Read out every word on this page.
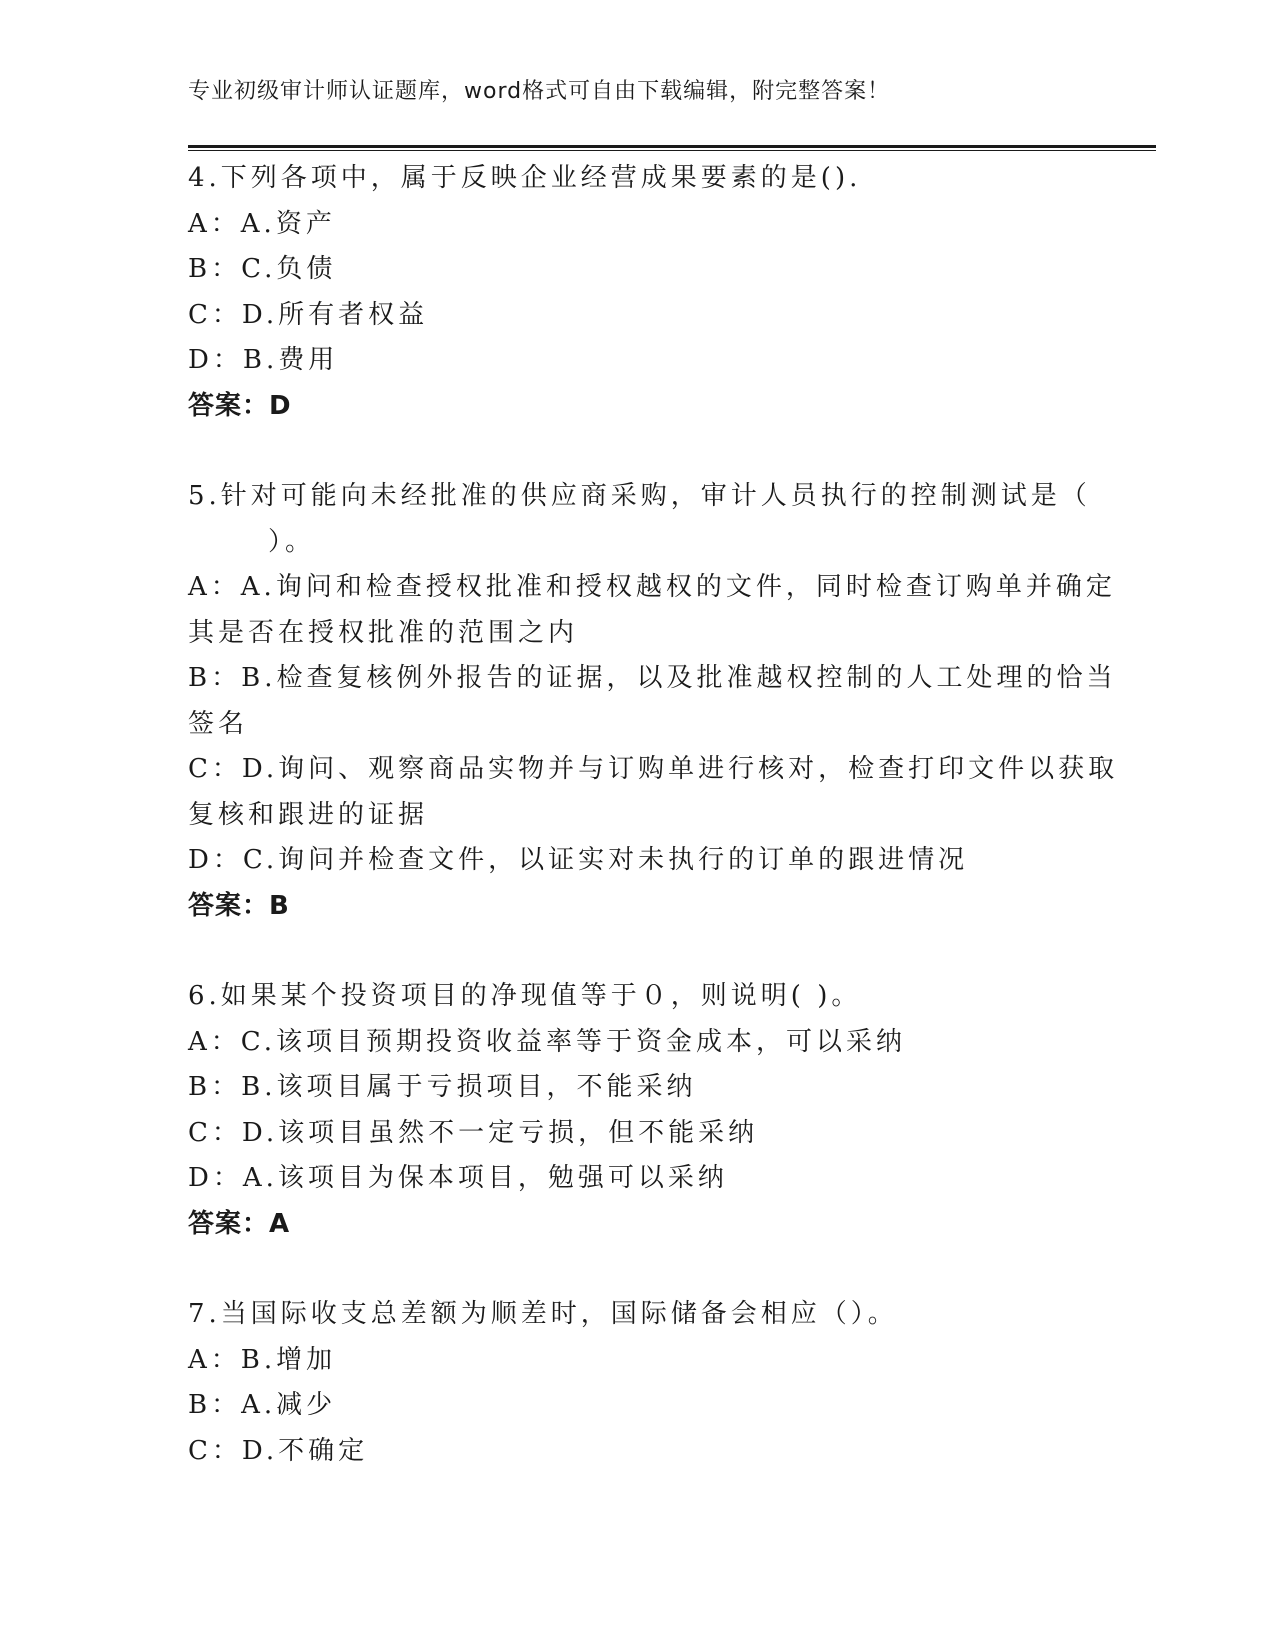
专业初级审计师认证题库，word格式可自由下载编辑，附完整答案！

4.下列各项中，属于反映企业经营成果要素的是().

A：A.资产

B：C.负债

C：D.所有者权益

D：B.费用

答案：D

5.针对可能向未经批准的供应商采购，审计人员执行的控制测试是（

）。

A：A.询问和检查授权批准和授权越权的文件，同时检查订购单并确定

其是否在授权批准的范围之内

B：B.检查复核例外报告的证据，以及批准越权控制的人工处理的恰当

签名

C：D.询问、观察商品实物并与订购单进行核对，检查打印文件以获取

复核和跟进的证据

D：C.询问并检查文件，以证实对未执行的订单的跟进情况

答案：B

6.如果某个投资项目的净现值等于０，则说明( )。

A：C.该项目预期投资收益率等于资金成本，可以采纳

B：B.该项目属于亏损项目，不能采纳

C：D.该项目虽然不一定亏损，但不能采纳

D：A.该项目为保本项目，勉强可以采纳

答案：A

7.当国际收支总差额为顺差时，国际储备会相应（）。

A：B.增加

B：A.减少

C：D.不确定
